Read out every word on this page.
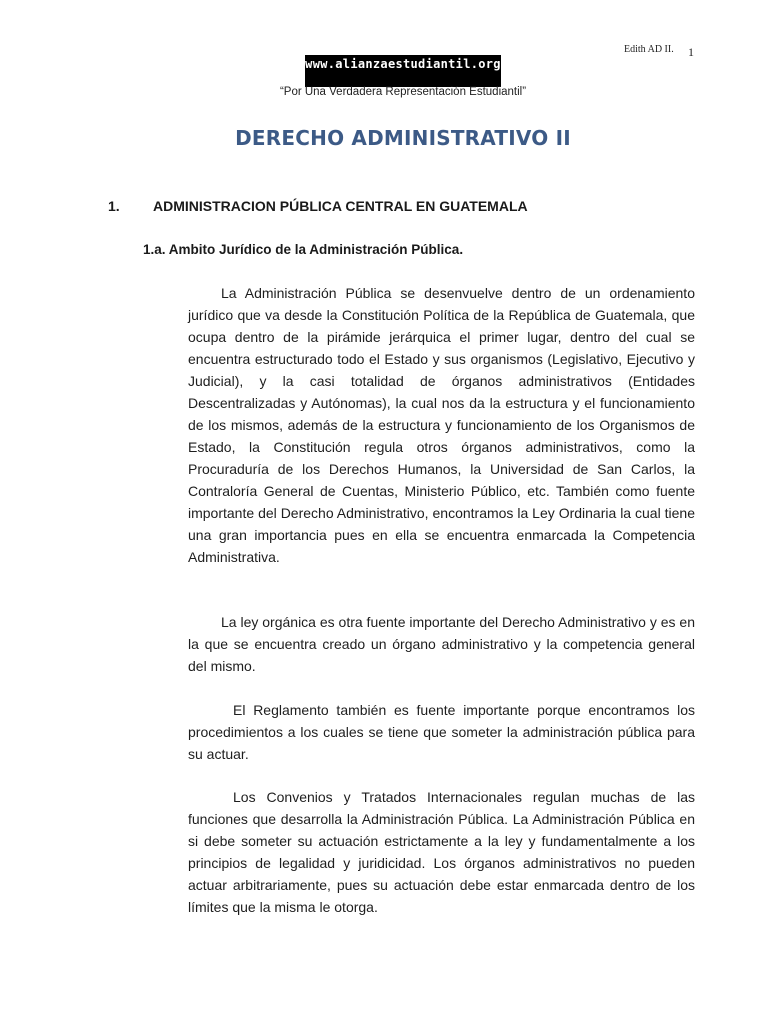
Edith AD II. 1
www.alianzaestudiantil.org
“Por Una Verdadera Representación Estudiantil”
DERECHO ADMINISTRATIVO II
1. ADMINISTRACION PÚBLICA CENTRAL EN GUATEMALA
1.a. Ambito Jurídico de la Administración Pública.

La Administración Pública se desenvuelve dentro de un ordenamiento jurídico que va desde la Constitución Política de la República de Guatemala, que ocupa dentro de la pirámide jerárquica el primer lugar, dentro del cual se encuentra estructurado todo el Estado y sus organismos (Legislativo, Ejecutivo y Judicial), y la casi totalidad de órganos administrativos (Entidades Descentralizadas y Autónomas), la cual nos da la estructura y el funcionamiento de los mismos, además de la estructura y funcionamiento de los Organismos de Estado, la Constitución regula otros órganos administrativos, como la Procuraduría de los Derechos Humanos, la Universidad de San Carlos, la Contraloría General de Cuentas, Ministerio Público, etc. También como fuente importante del Derecho Administrativo, encontramos la Ley Ordinaria la cual tiene una gran importancia pues en ella se encuentra enmarcada la Competencia Administrativa.

La ley orgánica es otra fuente importante del Derecho Administrativo y es en la que se encuentra creado un órgano administrativo y la competencia general del mismo.

El Reglamento también es fuente importante porque encontramos los procedimientos a los cuales se tiene que someter la administración pública para su actuar.

Los Convenios y Tratados Internacionales regulan muchas de las funciones que desarrolla la Administración Pública. La Administración Pública en si debe someter su actuación estrictamente a la ley y fundamentalmente a los principios de legalidad y juridicidad. Los órganos administrativos no pueden actuar arbitrariamente, pues su actuación debe estar enmarcada dentro de los límites que la misma le otorga.
